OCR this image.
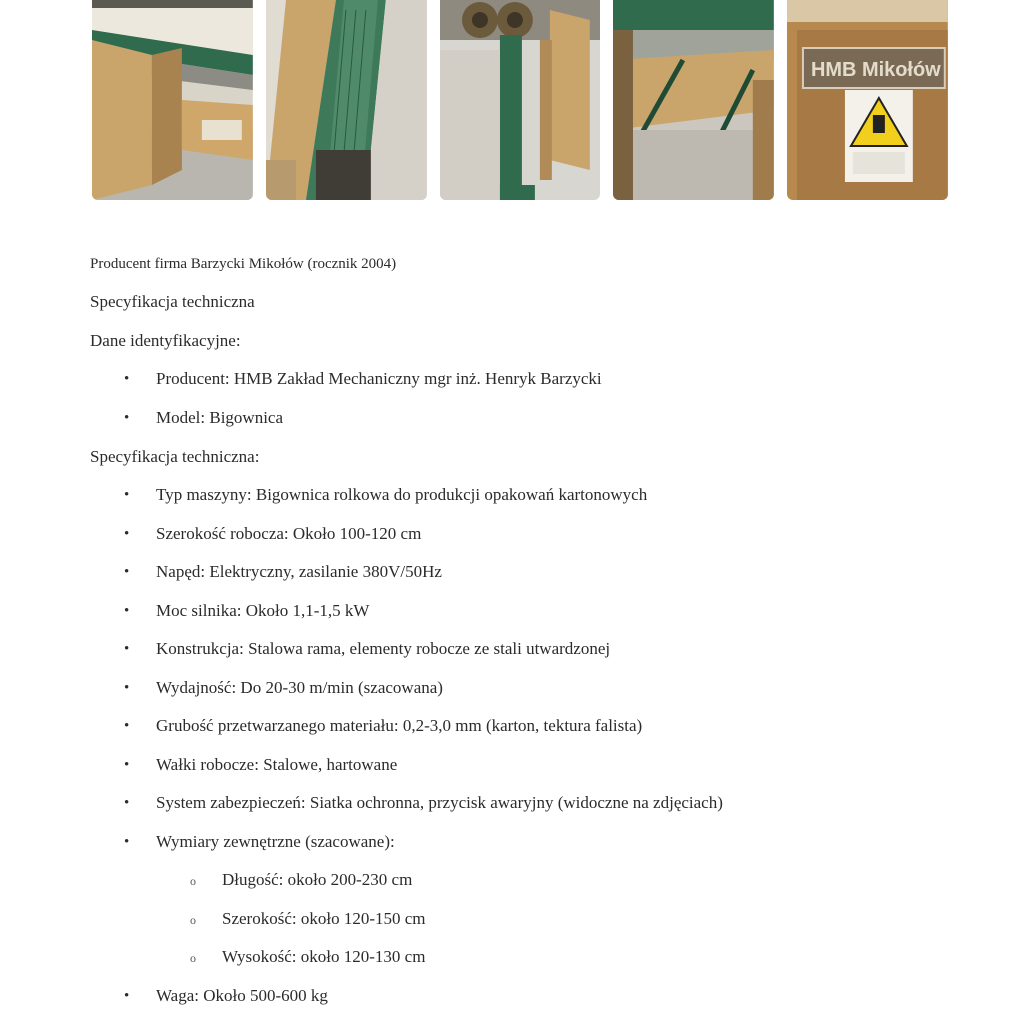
HMB Mikołów
Producent firma Barzycki Mikołów (rocznik 2004)
Specyfikacja techniczna
Dane identyfikacyjne:
• Producent: HMB Zakład Mechaniczny mgr inż. Henryk Barzycki
• Model: Bigownica
Specyfikacja techniczna:
• Typ maszyny: Bigownica rolkowa do produkcji opakowań kartonowych
• Szerokość robocza: Około 100-120 cm
• Napęd: Elektryczny, zasilanie 380V/50Hz
• Moc silnika: Około 1,1-1,5 kW
• Konstrukcja: Stalowa rama, elementy robocze ze stali utwardzonej
• Wydajność: Do 20-30 m/min (szacowana)
• Grubość przetwarzanego materiału: 0,2-3,0 mm (karton, tektura falista)
• Wałki robocze: Stalowe, hartowane
• System zabezpieczeń: Siatka ochronna, przycisk awaryjny (widoczne na zdjęciach)
• Wymiary zewnętrzne (szacowane):
o Długość: około 200-230 cm
o Szerokość: około 120-150 cm
o Wysokość: około 120-130 cm
• Waga: Około 500-600 kg
